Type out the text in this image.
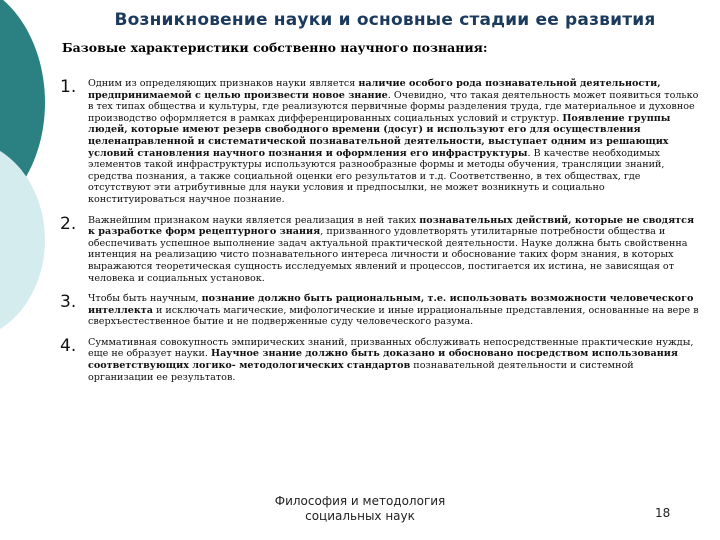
Возникновение науки и основные стадии ее развития
Базовые характеристики собственно научного познания:
1.	Одним из определяющих признаков науки является наличие особого рода познавательной деятельности, предпринимаемой с целью произвести новое знание. Очевидно, что такая деятельность может появиться только в тех типах общества и культуры, где реализуются первичные формы разделения труда, где материальное и духовное производство оформляется в рамках дифференцированных социальных условий и структур. Появление группы людей, которые имеют резерв свободного времени (досуг) и используют его для осуществления целенаправленной и систематической познавательной деятельности, выступает одним из решающих условий становления научного познания и оформления его инфраструктуры. В качестве необходимых элементов такой инфраструктуры используются разнообразные формы и методы обучения, трансляции знаний, средства познания, а также социальной оценки его результатов и т.д. Соответственно, в тех обществах, где отсутствуют эти атрибутивные для науки условия и предпосылки, не может возникнуть и социально конституироваться научное познание.
2.	Важнейшим признаком науки является реализация в ней таких познавательных действий, которые не сводятся к разработке форм рецептурного знания, призванного удовлетворять утилитарные потребности общества и обеспечивать успешное выполнение задач актуальной практической деятельности. Науке должна быть свойственна интенция на реализацию чисто познавательного интереса личности и обоснование таких форм знания, в которых выражаются теоретическая сущность исследуемых явлений и процессов, постигается их истина, не зависящая от человека и социальных установок.
3.	Чтобы быть научным, познание должно быть рациональным, т.е. использовать возможности человеческого интеллекта и исключать магические, мифологические и иные иррациональные представления, основанные на вере в сверхъестественное бытие и не подверженные суду человеческого разума.
4.	Суммативная совокупность эмпирических знаний, призванных обслуживать непосредственные практические нужды, еще не образует науки. Научное знание должно быть доказано и обосновано посредством использования соответствующих логико- методологических стандартов познавательной деятельности и системной организации ее результатов.
Философия и методология
социальных наук	18
